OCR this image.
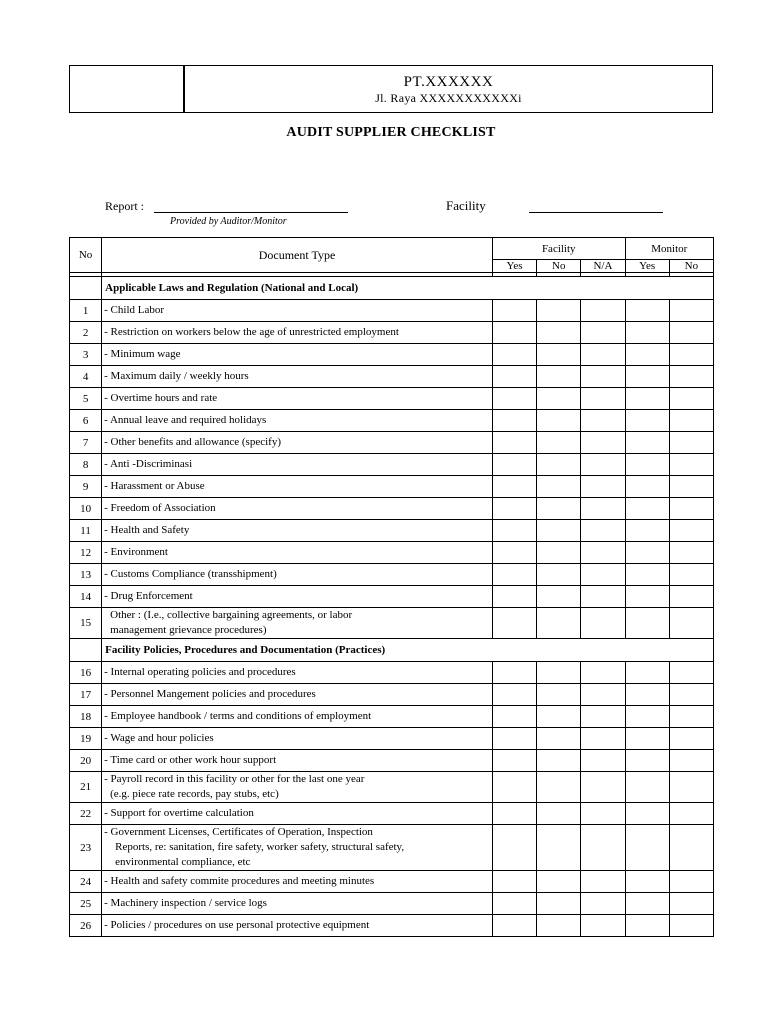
PT.XXXXXX
Jl. Raya XXXXXXXXXXXi
AUDIT SUPPLIER CHECKLIST
Report :
Provided by Auditor/Monitor
Facility
No	Document Type	Facility			Monitor	
		Yes	No	N/A	Yes	No

	Applicable Laws and Regulation (National and Local)					
1	- Child Labor					

2	- Restriction on workers below the age of unrestricted employment					

3	- Minimum wage					

4	- Maximum daily / weekly hours					

5	- Overtime hours and rate					

6	- Annual leave and required holidays					

7	- Other benefits and allowance (specify)					

8	- Anti -Discriminasi					

9	- Harassment or Abuse					

10	- Freedom of Association					

11	- Health and Safety					

12	- Environment					

13	- Customs Compliance (transshipment)					

14	- Drug Enforcement					

15	Other : (I.e., collective bargaining agreements, or labor
management grievance procedures)					

	Facility Policies, Procedures and Documentation (Practices)					
16	- Internal operating policies and procedures					

17	- Personnel Mangement policies and procedures					

18	- Employee handbook / terms and conditions of employment					

19	- Wage and hour policies					

20	- Time card or other work hour support					

21	- Payroll record in this facility or other for the last one year
(e.g. piece rate records, pay stubs, etc)					

22	- Support for overtime calculation					

23	- Government Licenses, Certificates of Operation, Inspection
Reports, re: sanitation, fire safety, worker safety, structural safety,
environmental compliance, etc					

24	- Health and safety commite procedures and meeting minutes					

25	- Machinery inspection / service logs					

26	- Policies / procedures on use personal protective equipment					
